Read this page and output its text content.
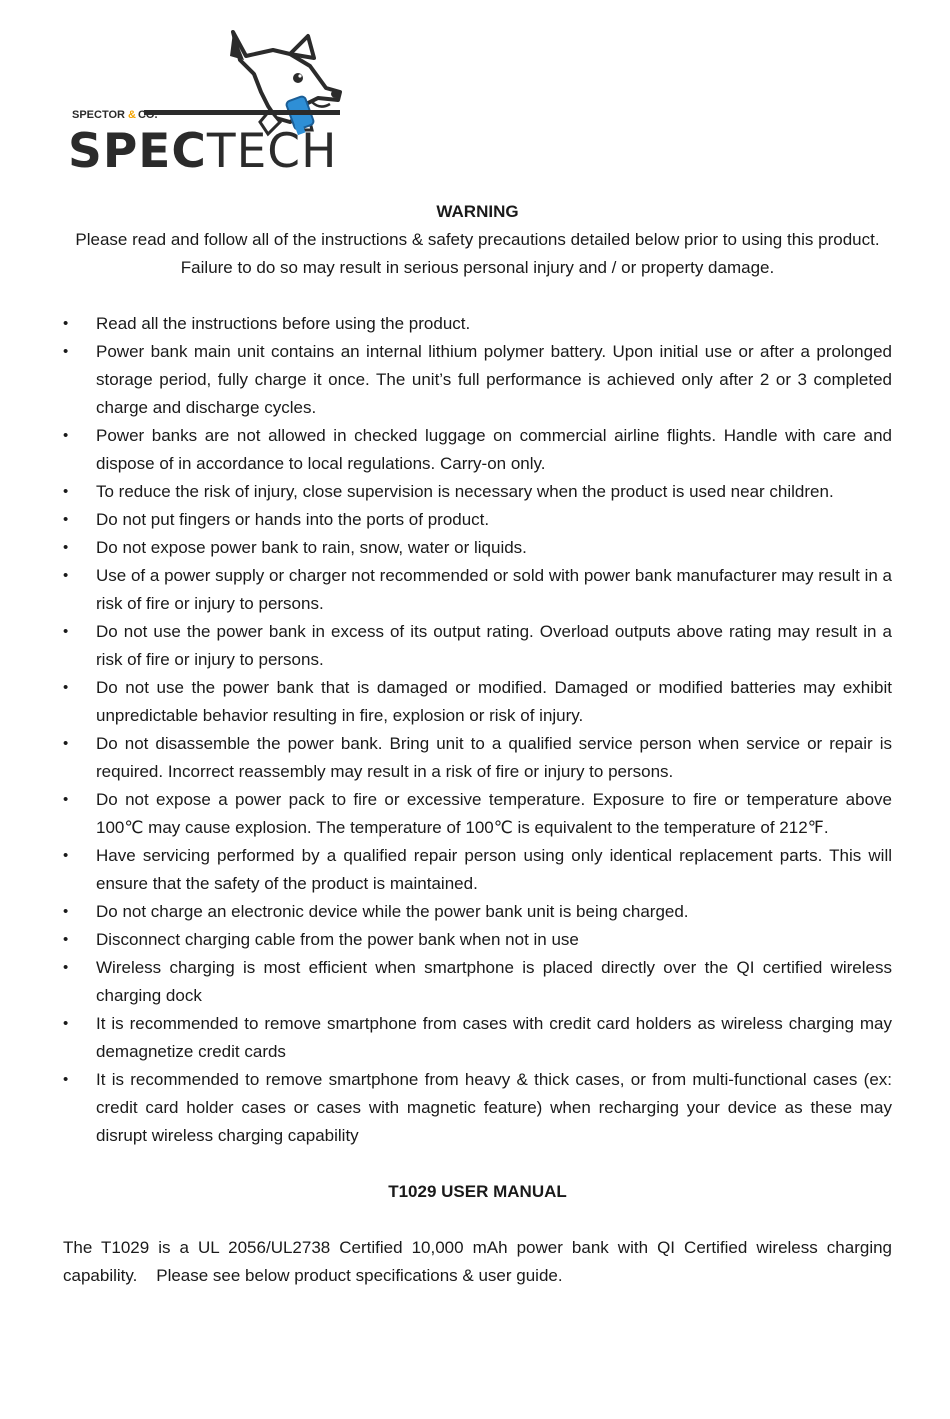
SPECTOR & CO.
SPECTECH
WARNING

Please read and follow all of the instructions & safety precautions detailed below prior to using this product. Failure to do so may result in serious personal injury and / or property damage.

• Read all the instructions before using the product.
• Power bank main unit contains an internal lithium polymer battery. Upon initial use or after a prolonged storage period, fully charge it once. The unit’s full performance is achieved only after 2 or 3 completed charge and discharge cycles.
• Power banks are not allowed in checked luggage on commercial airline flights. Handle with care and dispose of in accordance to local regulations. Carry-on only.
• To reduce the risk of injury, close supervision is necessary when the product is used near children.
• Do not put fingers or hands into the ports of product.
• Do not expose power bank to rain, snow, water or liquids.
• Use of a power supply or charger not recommended or sold with power bank manufacturer may result in a risk of fire or injury to persons.
• Do not use the power bank in excess of its output rating. Overload outputs above rating may result in a risk of fire or injury to persons.
• Do not use the power bank that is damaged or modified. Damaged or modified batteries may exhibit unpredictable behavior resulting in fire, explosion or risk of injury.
• Do not disassemble the power bank. Bring unit to a qualified service person when service or repair is required. Incorrect reassembly may result in a risk of fire or injury to persons.
• Do not expose a power pack to fire or excessive temperature. Exposure to fire or temperature above 100℃ may cause explosion. The temperature of 100℃ is equivalent to the temperature of 212℉.
• Have servicing performed by a qualified repair person using only identical replacement parts. This will ensure that the safety of the product is maintained.
• Do not charge an electronic device while the power bank unit is being charged.
• Disconnect charging cable from the power bank when not in use
• Wireless charging is most efficient when smartphone is placed directly over the QI certified wireless charging dock
• It is recommended to remove smartphone from cases with credit card holders as wireless charging may demagnetize credit cards
• It is recommended to remove smartphone from heavy & thick cases, or from multi-functional cases (ex: credit card holder cases or cases with magnetic feature) when recharging your device as these may disrupt wireless charging capability
T1029 USER MANUAL

The T1029 is a UL 2056/UL2738 Certified 10,000 mAh power bank with QI Certified wireless charging capability.    Please see below product specifications & user guide.
